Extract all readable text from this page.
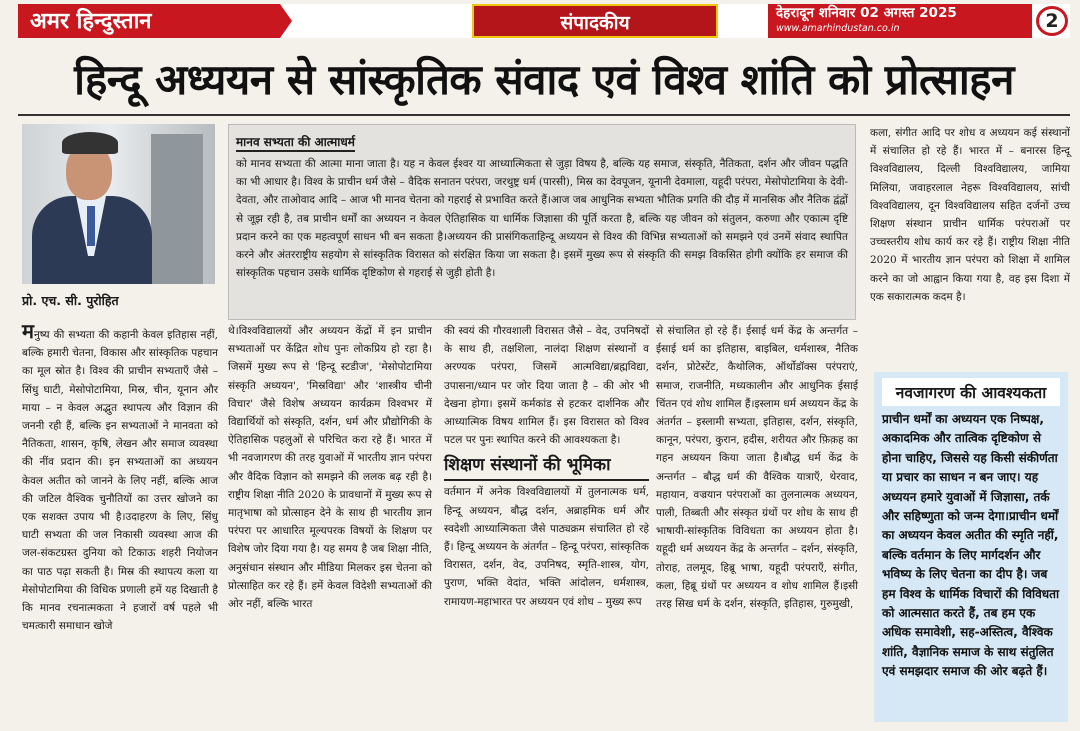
अमर हिन्दुस्तान	संपादकीय	देहरादून शनिवार 02 अगस्त 2025
www.amarhindustan.co.in	2
हिन्दू अध्ययन से सांस्कृतिक संवाद एवं विश्व शांति को प्रोत्साहन
प्रो. एच. सी. पुरोहित
मानव सभ्यता की आत्माधर्म

को मानव सभ्यता की आत्मा माना जाता है। यह न केवल ईश्वर या आध्यात्मिकता से जुड़ा विषय है, बल्कि यह समाज, संस्कृति, नैतिकता, दर्शन और जीवन पद्धति का भी आधार है। विश्व के प्राचीन धर्म जैसे – वैदिक सनातन परंपरा, जरथुष्ट्र धर्म (पारसी), मिस्र का देवपूजन, यूनानी देवमाला, यहूदी परंपरा, मेसोपोटामिया के देवी-देवता, और ताओवाद आदि – आज भी मानव चेतना को गहराई से प्रभावित करते हैं।आज जब आधुनिक सभ्यता भौतिक प्रगति की दौड़ में मानसिक और नैतिक द्वंद्वों से जूझ रही है, तब प्राचीन धर्मों का अध्ययन न केवल ऐतिहासिक या धार्मिक जिज्ञासा की पूर्ति करता है, बल्कि यह जीवन को संतुलन, करुणा और एकात्म दृष्टि प्रदान करने का एक महत्वपूर्ण साधन भी बन सकता है।अध्ययन की प्रासंगिकताहिन्दू अध्ययन से विश्व की विभिन्न सभ्यताओं को समझने एवं उनमें संवाद स्थापित करने और अंतरराष्ट्रीय सहयोग से सांस्कृतिक विरासत को संरक्षित किया जा सकता है। इसमें मुख्य रूप से संस्कृति की समझ विकसित होगी क्योंकि हर समाज की सांस्कृतिक पहचान उसके धार्मिक दृष्टिकोण से गहराई से जुड़ी होती है।

मनुष्य की सभ्यता की कहानी केवल इतिहास नहीं, बल्कि हमारी चेतना, विकास और सांस्कृतिक पहचान का मूल स्रोत है। विश्व की प्राचीन सभ्यताएँ जैसे – सिंधु घाटी, मेसोपोटामिया, मिस्र, चीन, यूनान और माया – न केवल अद्भुत स्थापत्य और विज्ञान की जननी रही हैं, बल्कि इन सभ्यताओं ने मानवता को नैतिकता, शासन, कृषि, लेखन और समाज व्यवस्था की नींव प्रदान की। इन सभ्यताओं का अध्ययन केवल अतीत को जानने के लिए नहीं, बल्कि आज की जटिल वैश्विक चुनौतियों का उत्तर खोजने का एक सशक्त उपाय भी है।उदाहरण के लिए, सिंधु घाटी सभ्यता की जल निकासी व्यवस्था आज की जल-संकटग्रस्त दुनिया को टिकाऊ शहरी नियोजन का पाठ पढ़ा सकती है। मिस्र की स्थापत्य कला या मेसोपोटामिया की विधिक प्रणाली हमें यह दिखाती है कि मानव रचनात्मकता ने हजारों वर्ष पहले भी चमत्कारी समाधान खोजे

थे।विश्वविद्यालयों और अध्ययन केंद्रों में इन प्राचीन सभ्यताओं पर केंद्रित शोध पुनः लोकप्रिय हो रहा है। जिसमें मुख्य रूप से 'हिन्दू स्टडीज', 'मेसोपोटामिया संस्कृति अध्ययन', 'मिस्रविद्या' और 'शास्त्रीय चीनी विचार' जैसे विशेष अध्ययन कार्यक्रम विश्वभर में विद्यार्थियों को संस्कृति, दर्शन, धर्म और प्रौद्योगिकी के ऐतिहासिक पहलुओं से परिचित करा रहे हैं। भारत में भी नवजागरण की तरह युवाओं में भारतीय ज्ञान परंपरा और वैदिक विज्ञान को समझने की ललक बढ़ रही है। राष्ट्रीय शिक्षा नीति 2020 के प्रावधानों में मुख्य रूप से मातृभाषा को प्रोत्साहन देने के साथ ही भारतीय ज्ञान परंपरा पर आधारित मूल्यपरक विषयों के शिक्षण पर विशेष जोर दिया गया है। यह समय है जब शिक्षा नीति, अनुसंधान संस्थान और मीडिया मिलकर इस चेतना को प्रोत्साहित कर रहे हैं। हमें केवल विदेशी सभ्यताओं की ओर नहीं, बल्कि भारत

की स्वयं की गौरवशाली विरासत जैसे – वेद, उपनिषदों के साथ ही, तक्षशिला, नालंदा शिक्षण संस्थानों व अरण्यक परंपरा, जिसमें आत्मविद्या/ब्रह्मविद्या, उपासना/ध्यान पर जोर दिया जाता है – की ओर भी देखना होगा। इसमें कर्मकांड से हटकर दार्शनिक और आध्यात्मिक विषय शामिल हैं। इस विरासत को विश्व पटल पर पुनः स्थापित करने की आवश्यकता है।

शिक्षण संस्थानों की भूमिका

वर्तमान में अनेक विश्वविद्यालयों में तुलनात्मक धर्म, हिन्दू अध्ययन, बौद्ध दर्शन, अब्राहमिक धर्म और स्वदेशी आध्यात्मिकता जैसे पाठ्यक्रम संचालित हो रहे हैं। हिन्दू अध्ययन के अंतर्गत – हिन्दू परंपरा, सांस्कृतिक विरासत, दर्शन, वेद, उपनिषद, स्मृति-शास्त्र, योग, पुराण, भक्ति वेदांत, भक्ति आंदोलन, धर्मशास्त्र, रामायण-महाभारत पर अध्ययन एवं शोध – मुख्य रूप

से संचालित हो रहे हैं। ईसाई धर्म केंद्र के अन्तर्गत – ईसाई धर्म का इतिहास, बाइबिल, धर्मशास्त्र, नैतिक दर्शन, प्रोटेस्टेंट, कैथोलिक, ऑर्थोडॉक्स परंपराएं, समाज, राजनीति, मध्यकालीन और आधुनिक ईसाई चिंतन एवं शोध शामिल हैं।इस्लाम धर्म अध्ययन केंद्र के अंतर्गत – इस्लामी सभ्यता, इतिहास, दर्शन, संस्कृति, कानून, परंपरा, कुरान, हदीस, शरीयत और फ़िक़ह का गहन अध्ययन किया जाता है।बौद्ध धर्म केंद्र के अन्तर्गत – बौद्ध धर्म की वैश्विक यात्राएँ, थेरवाद, महायान, वज्रयान परंपराओं का तुलनात्मक अध्ययन, पाली, तिब्बती और संस्कृत ग्रंथों पर शोध के साथ ही भाषायी-सांस्कृतिक विविधता का अध्ययन होता है। यहूदी धर्म अध्ययन केंद्र के अन्तर्गत – दर्शन, संस्कृति, तोराह, तलमूद, हिब्रू भाषा, यहूदी परंपराएँ, संगीत, कला, हिब्रू ग्रंथों पर अध्ययन व शोध शामिल हैं।इसी तरह सिख धर्म के दर्शन, संस्कृति, इतिहास, गुरुमुखी,

कला, संगीत आदि पर शोध व अध्ययन कई संस्थानों में संचालित हो रहे हैं। भारत में – बनारस हिन्दू विश्वविद्यालय, दिल्ली विश्वविद्यालय, जामिया मिलिया, जवाहरलाल नेहरू विश्वविद्यालय, सांची विश्वविद्यालय, दून विश्वविद्यालय सहित दर्जनों उच्च शिक्षण संस्थान प्राचीन धार्मिक परंपराओं पर उच्चस्तरीय शोध कार्य कर रहे हैं। राष्ट्रीय शिक्षा नीति 2020 में भारतीय ज्ञान परंपरा को शिक्षा में शामिल करने का जो आह्वान किया गया है, वह इस दिशा में एक सकारात्मक कदम है।

नवजागरण की आवश्यकता

प्राचीन धर्मों का अध्ययन एक निष्पक्ष, अकादमिक और तात्विक दृष्टिकोण से होना चाहिए, जिससे यह किसी संकीर्णता या प्रचार का साधन न बन जाए। यह अध्ययन हमारे युवाओं में जिज्ञासा, तर्क और सहिष्णुता को जन्म देगा।प्राचीन धर्मों का अध्ययन केवल अतीत की स्मृति नहीं, बल्कि वर्तमान के लिए मार्गदर्शन और भविष्य के लिए चेतना का दीप है। जब हम विश्व के धार्मिक विचारों की विविधता को आत्मसात करते हैं, तब हम एक अधिक समावेशी, सह-अस्तित्व, वैश्विक शांति, वैज्ञानिक समाज के साथ संतुलित एवं समझदार समाज की ओर बढ़ते हैं।
